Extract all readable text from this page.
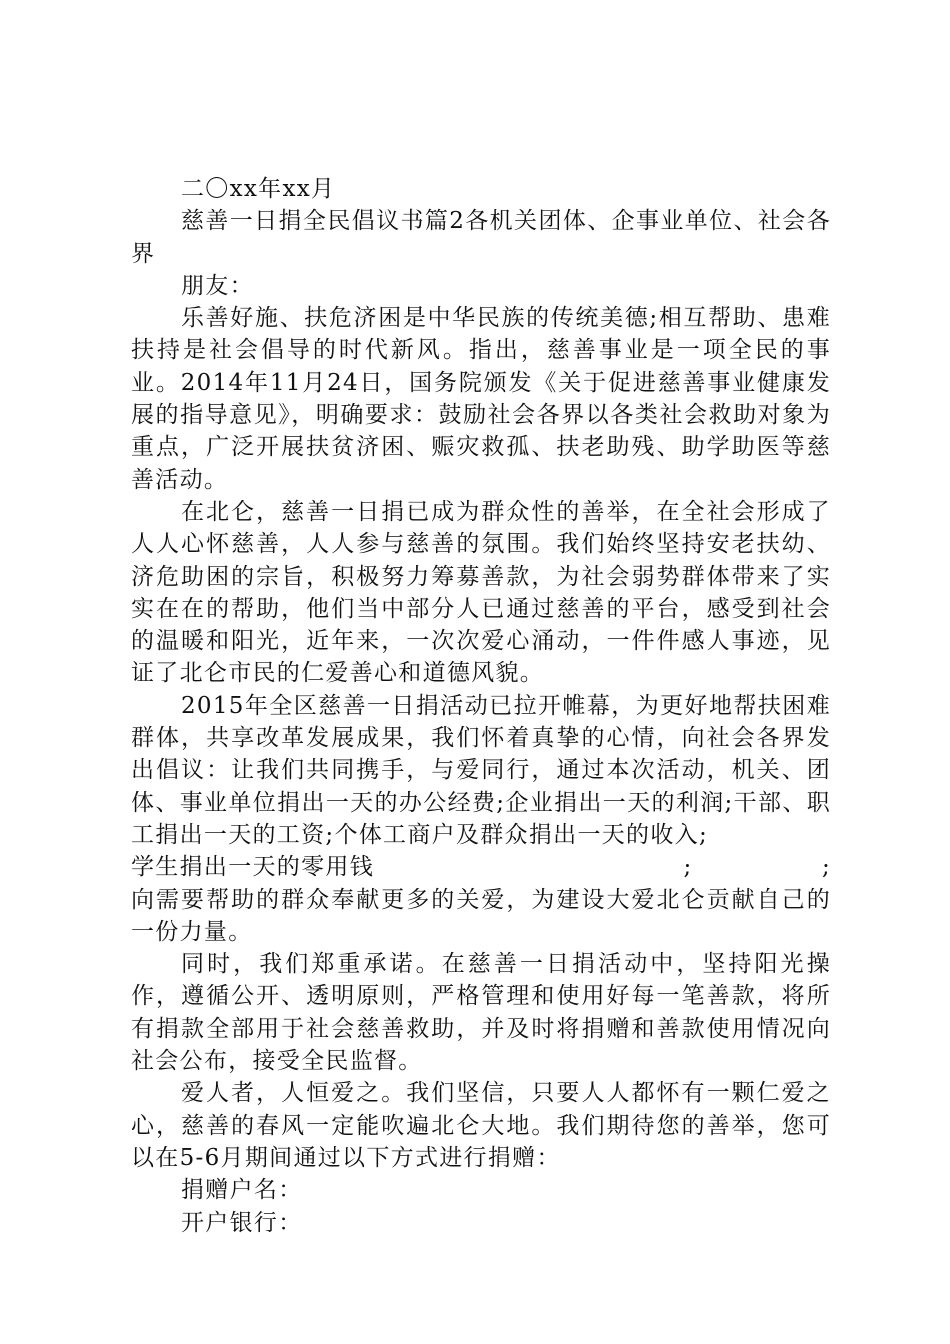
二〇xx年xx月

慈善一日捐全民倡议书篇2各机关团体、企事业单位、社会各界

朋友：

乐善好施、扶危济困是中华民族的传统美德;相互帮助、患难扶持是社会倡导的时代新风。指出，慈善事业是一项全民的事业。2014年11月24日，国务院颁发《关于促进慈善事业健康发展的指导意见》，明确要求：鼓励社会各界以各类社会救助对象为重点，广泛开展扶贫济困、赈灾救孤、扶老助残、助学助医等慈善活动。

在北仑，慈善一日捐已成为群众性的善举，在全社会形成了人人心怀慈善，人人参与慈善的氛围。我们始终坚持安老扶幼、济危助困的宗旨，积极努力筹募善款，为社会弱势群体带来了实实在在的帮助，他们当中部分人已通过慈善的平台，感受到社会的温暖和阳光，近年来，一次次爱心涌动，一件件感人事迹，见证了北仑市民的仁爱善心和道德风貌。

2015年全区慈善一日捐活动已拉开帷幕，为更好地帮扶困难群体，共享改革发展成果，我们怀着真挚的心情，向社会各界发出倡议：让我们共同携手，与爱同行，通过本次活动，机关、团体、事业单位捐出一天的办公经费;企业捐出一天的利润;干部、职工捐出一天的工资;个体工商户及群众捐出一天的收入;

学生捐出一天的零用钱	;	;

向需要帮助的群众奉献更多的关爱，为建设大爱北仑贡献自己的一份力量。

同时，我们郑重承诺。在慈善一日捐活动中，坚持阳光操作，遵循公开、透明原则，严格管理和使用好每一笔善款，将所有捐款全部用于社会慈善救助，并及时将捐赠和善款使用情况向社会公布，接受全民监督。

爱人者，人恒爱之。我们坚信，只要人人都怀有一颗仁爱之心，慈善的春风一定能吹遍北仑大地。我们期待您的善举，您可以在5-6月期间通过以下方式进行捐赠：

捐赠户名：

开户银行：
